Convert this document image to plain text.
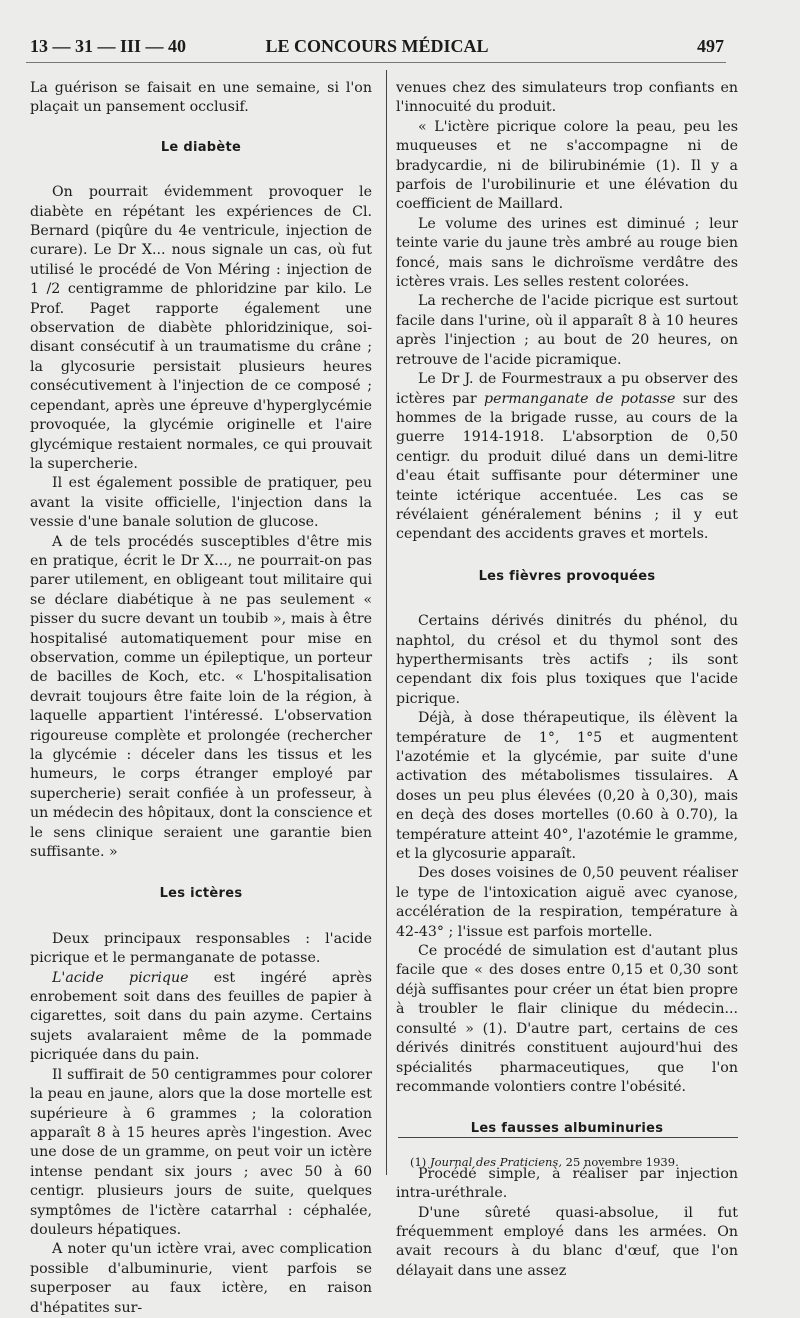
13 — 31 — III — 40	LE CONCOURS MÉDICAL	497

La guérison se faisait en une semaine, si l'on plaçait un pansement occlusif.

Le diabète

On pourrait évidemment provoquer le diabète en répétant les expériences de Cl. Bernard (piqûre du 4e ventricule, injection de curare). Le Dr X... nous signale un cas, où fut utilisé le procédé de Von Méring : injection de 1 /2 centigramme de phloridzine par kilo. Le Prof. Paget rapporte également une observation de diabète phloridzinique, soi-disant consécutif à un traumatisme du crâne ; la glycosurie persistait plusieurs heures consécutivement à l'injection de ce composé ; cependant, après une épreuve d'hyperglycémie provoquée, la glycémie originelle et l'aire glycémique restaient normales, ce qui prouvait la supercherie.

Il est également possible de pratiquer, peu avant la visite officielle, l'injection dans la vessie d'une banale solution de glucose.

A de tels procédés susceptibles d'être mis en pratique, écrit le Dr X..., ne pourrait-on pas parer utilement, en obligeant tout militaire qui se déclare diabétique à ne pas seulement « pisser du sucre devant un toubib », mais à être hospitalisé automatiquement pour mise en observation, comme un épileptique, un porteur de bacilles de Koch, etc. « L'hospitalisation devrait toujours être faite loin de la région, à laquelle appartient l'intéressé. L'observation rigoureuse complète et prolongée (rechercher la glycémie : déceler dans les tissus et les humeurs, le corps étranger employé par supercherie) serait confiée à un professeur, à un médecin des hôpitaux, dont la conscience et le sens clinique seraient une garantie bien suffisante. »

Les ictères

Deux principaux responsables : l'acide picrique et le permanganate de potasse.

L'acide picrique est ingéré après enrobement soit dans des feuilles de papier à cigarettes, soit dans du pain azyme. Certains sujets avalaraient même de la pommade picriquée dans du pain.

Il suffirait de 50 centigrammes pour colorer la peau en jaune, alors que la dose mortelle est supérieure à 6 grammes ; la coloration apparaît 8 à 15 heures après l'ingestion. Avec une dose de un gramme, on peut voir un ictère intense pendant six jours ; avec 50 à 60 centigr. plusieurs jours de suite, quelques symptômes de l'ictère catarrhal : céphalée, douleurs hépatiques.

A noter qu'un ictère vrai, avec complication possible d'albuminurie, vient parfois se superposer au faux ictère, en raison d'hépatites sur-

venues chez des simulateurs trop confiants en l'innocuité du produit.

« L'ictère picrique colore la peau, peu les muqueuses et ne s'accompagne ni de bradycardie, ni de bilirubinémie (1). Il y a parfois de l'urobilinurie et une élévation du coefficient de Maillard.

Le volume des urines est diminué ; leur teinte varie du jaune très ambré au rouge bien foncé, mais sans le dichroïsme verdâtre des ictères vrais. Les selles restent colorées.

La recherche de l'acide picrique est surtout facile dans l'urine, où il apparaît 8 à 10 heures après l'injection ; au bout de 20 heures, on retrouve de l'acide picramique.

Le Dr J. de Fourmestraux a pu observer des ictères par permanganate de potasse sur des hommes de la brigade russe, au cours de la guerre 1914-1918. L'absorption de 0,50 centigr. du produit dilué dans un demi-litre d'eau était suffisante pour déterminer une teinte ictérique accentuée. Les cas se révélaient généralement bénins ; il y eut cependant des accidents graves et mortels.

Les fièvres provoquées

Certains dérivés dinitrés du phénol, du naphtol, du crésol et du thymol sont des hyperthermisants très actifs ; ils sont cependant dix fois plus toxiques que l'acide picrique.

Déjà, à dose thérapeutique, ils élèvent la température de 1°, 1°5 et augmentent l'azotémie et la glycémie, par suite d'une activation des métabolismes tissulaires. A doses un peu plus élevées (0,20 à 0,30), mais en deçà des doses mortelles (0.60 à 0.70), la température atteint 40°, l'azotémie le gramme, et la glycosurie apparaît.

Des doses voisines de 0,50 peuvent réaliser le type de l'intoxication aiguë avec cyanose, accélération de la respiration, température à 42-43° ; l'issue est parfois mortelle.

Ce procédé de simulation est d'autant plus facile que « des doses entre 0,15 et 0,30 sont déjà suffisantes pour créer un état bien propre à troubler le flair clinique du médecin... consulté » (1). D'autre part, certains de ces dérivés dinitrés constituent aujourd'hui des spécialités pharmaceutiques, que l'on recommande volontiers contre l'obésité.

Les fausses albuminuries

Procédé simple, à réaliser par injection intra-uréthrale.

D'une sûreté quasi-absolue, il fut fréquemment employé dans les armées. On avait recours à du blanc d'œuf, que l'on délayait dans une assez

(1) Journal des Praticiens, 25 novembre 1939.
